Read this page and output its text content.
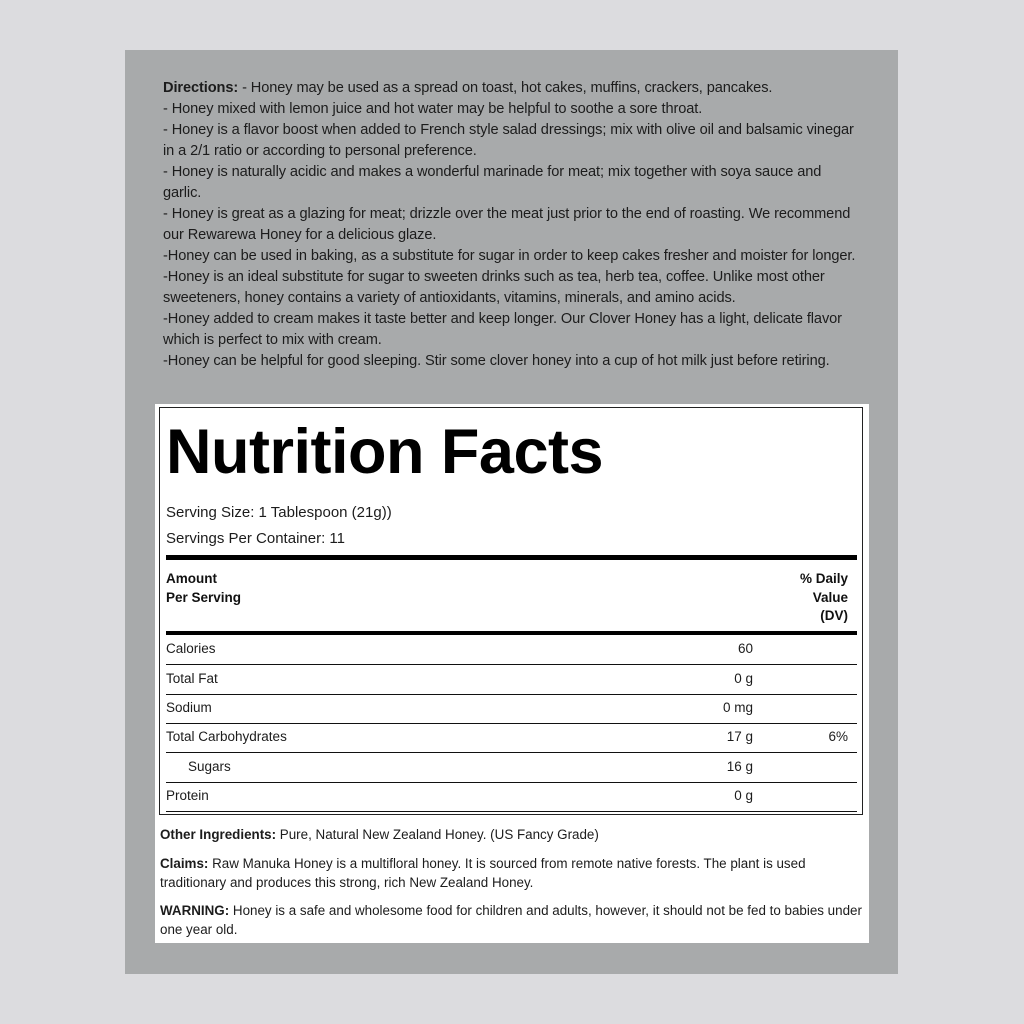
Directions: - Honey may be used as a spread on toast, hot cakes, muffins, crackers, pancakes.

- Honey mixed with lemon juice and hot water may be helpful to soothe a sore throat.

- Honey is a flavor boost when added to French style salad dressings; mix with olive oil and balsamic vinegar in a 2/1 ratio or according to personal preference.

- Honey is naturally acidic and makes a wonderful marinade for meat; mix together with soya sauce and garlic.

- Honey is great as a glazing for meat; drizzle over the meat just prior to the end of roasting. We recommend our Rewarewa Honey for a delicious glaze.

-Honey can be used in baking, as a substitute for sugar in order to keep cakes fresher and moister for longer.

-Honey is an ideal substitute for sugar to sweeten drinks such as tea, herb tea, coffee. Unlike most other sweeteners, honey contains a variety of antioxidants, vitamins, minerals, and amino acids.

-Honey added to cream makes it taste better and keep longer. Our Clover Honey has a light, delicate flavor which is perfect to mix with cream.

-Honey can be helpful for good sleeping. Stir some clover honey into a cup of hot milk just before retiring.

Nutrition Facts
Serving Size: 1 Tablespoon (21g))
Servings Per Container: 11
Amount
Per Serving
% Daily
Value
(DV)
Calories	60
Total Fat	0 g
Sodium	0 mg
Total Carbohydrates	17 g	6%
Sugars	16 g
Protein	0 g
Other Ingredients: Pure, Natural New Zealand Honey. (US Fancy Grade)
Claims: Raw Manuka Honey is a multifloral honey. It is sourced from remote native forests. The plant is used traditionary and produces this strong, rich New Zealand Honey.
WARNING: Honey is a safe and wholesome food for children and adults, however, it should not be fed to babies under one year old.
